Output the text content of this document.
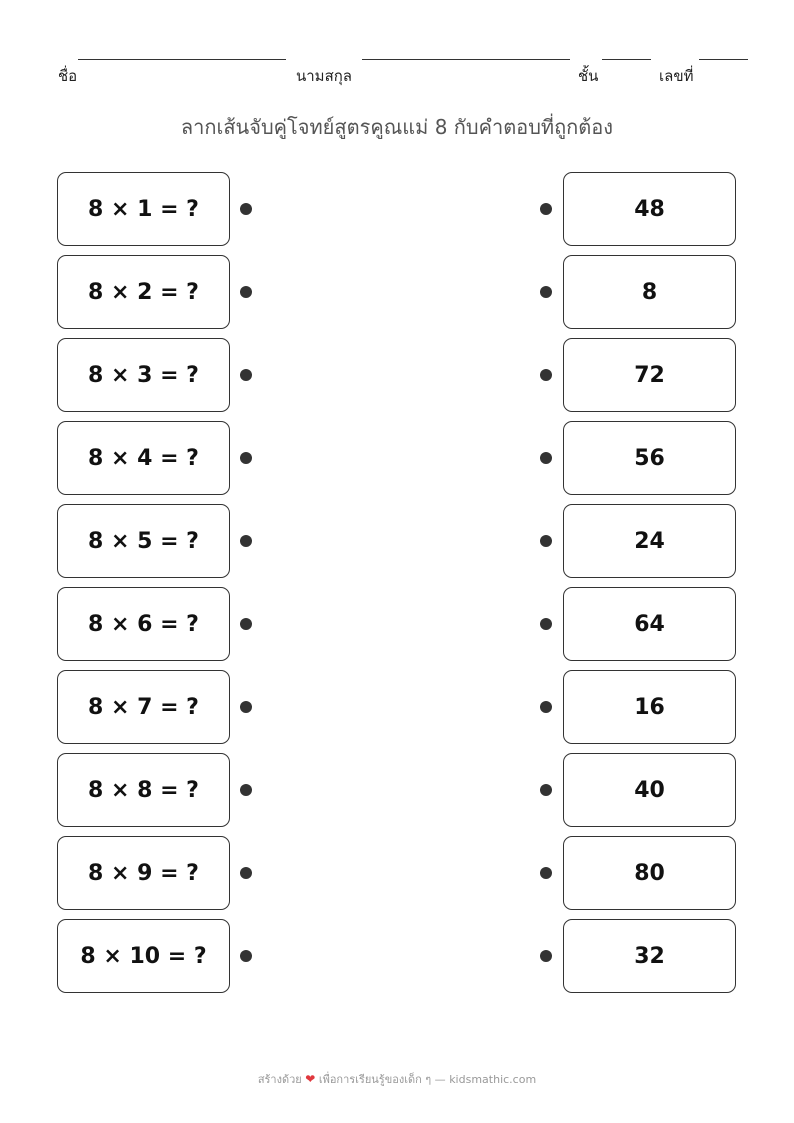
ชื่อ	นามสกุล	ชั้น	เลขที่
ลากเส้นจับคู่โจทย์สูตรคูณแม่ 8 กับคำตอบที่ถูกต้อง
8 × 1 = ?
8 × 2 = ?
8 × 3 = ?
8 × 4 = ?
8 × 5 = ?
8 × 6 = ?
8 × 7 = ?
8 × 8 = ?
8 × 9 = ?
8 × 10 = ?
48
8
72
56
24
64
16
40
80
32
สร้างด้วย ❤ เพื่อการเรียนรู้ของเด็ก ๆ — kidsmathic.com
